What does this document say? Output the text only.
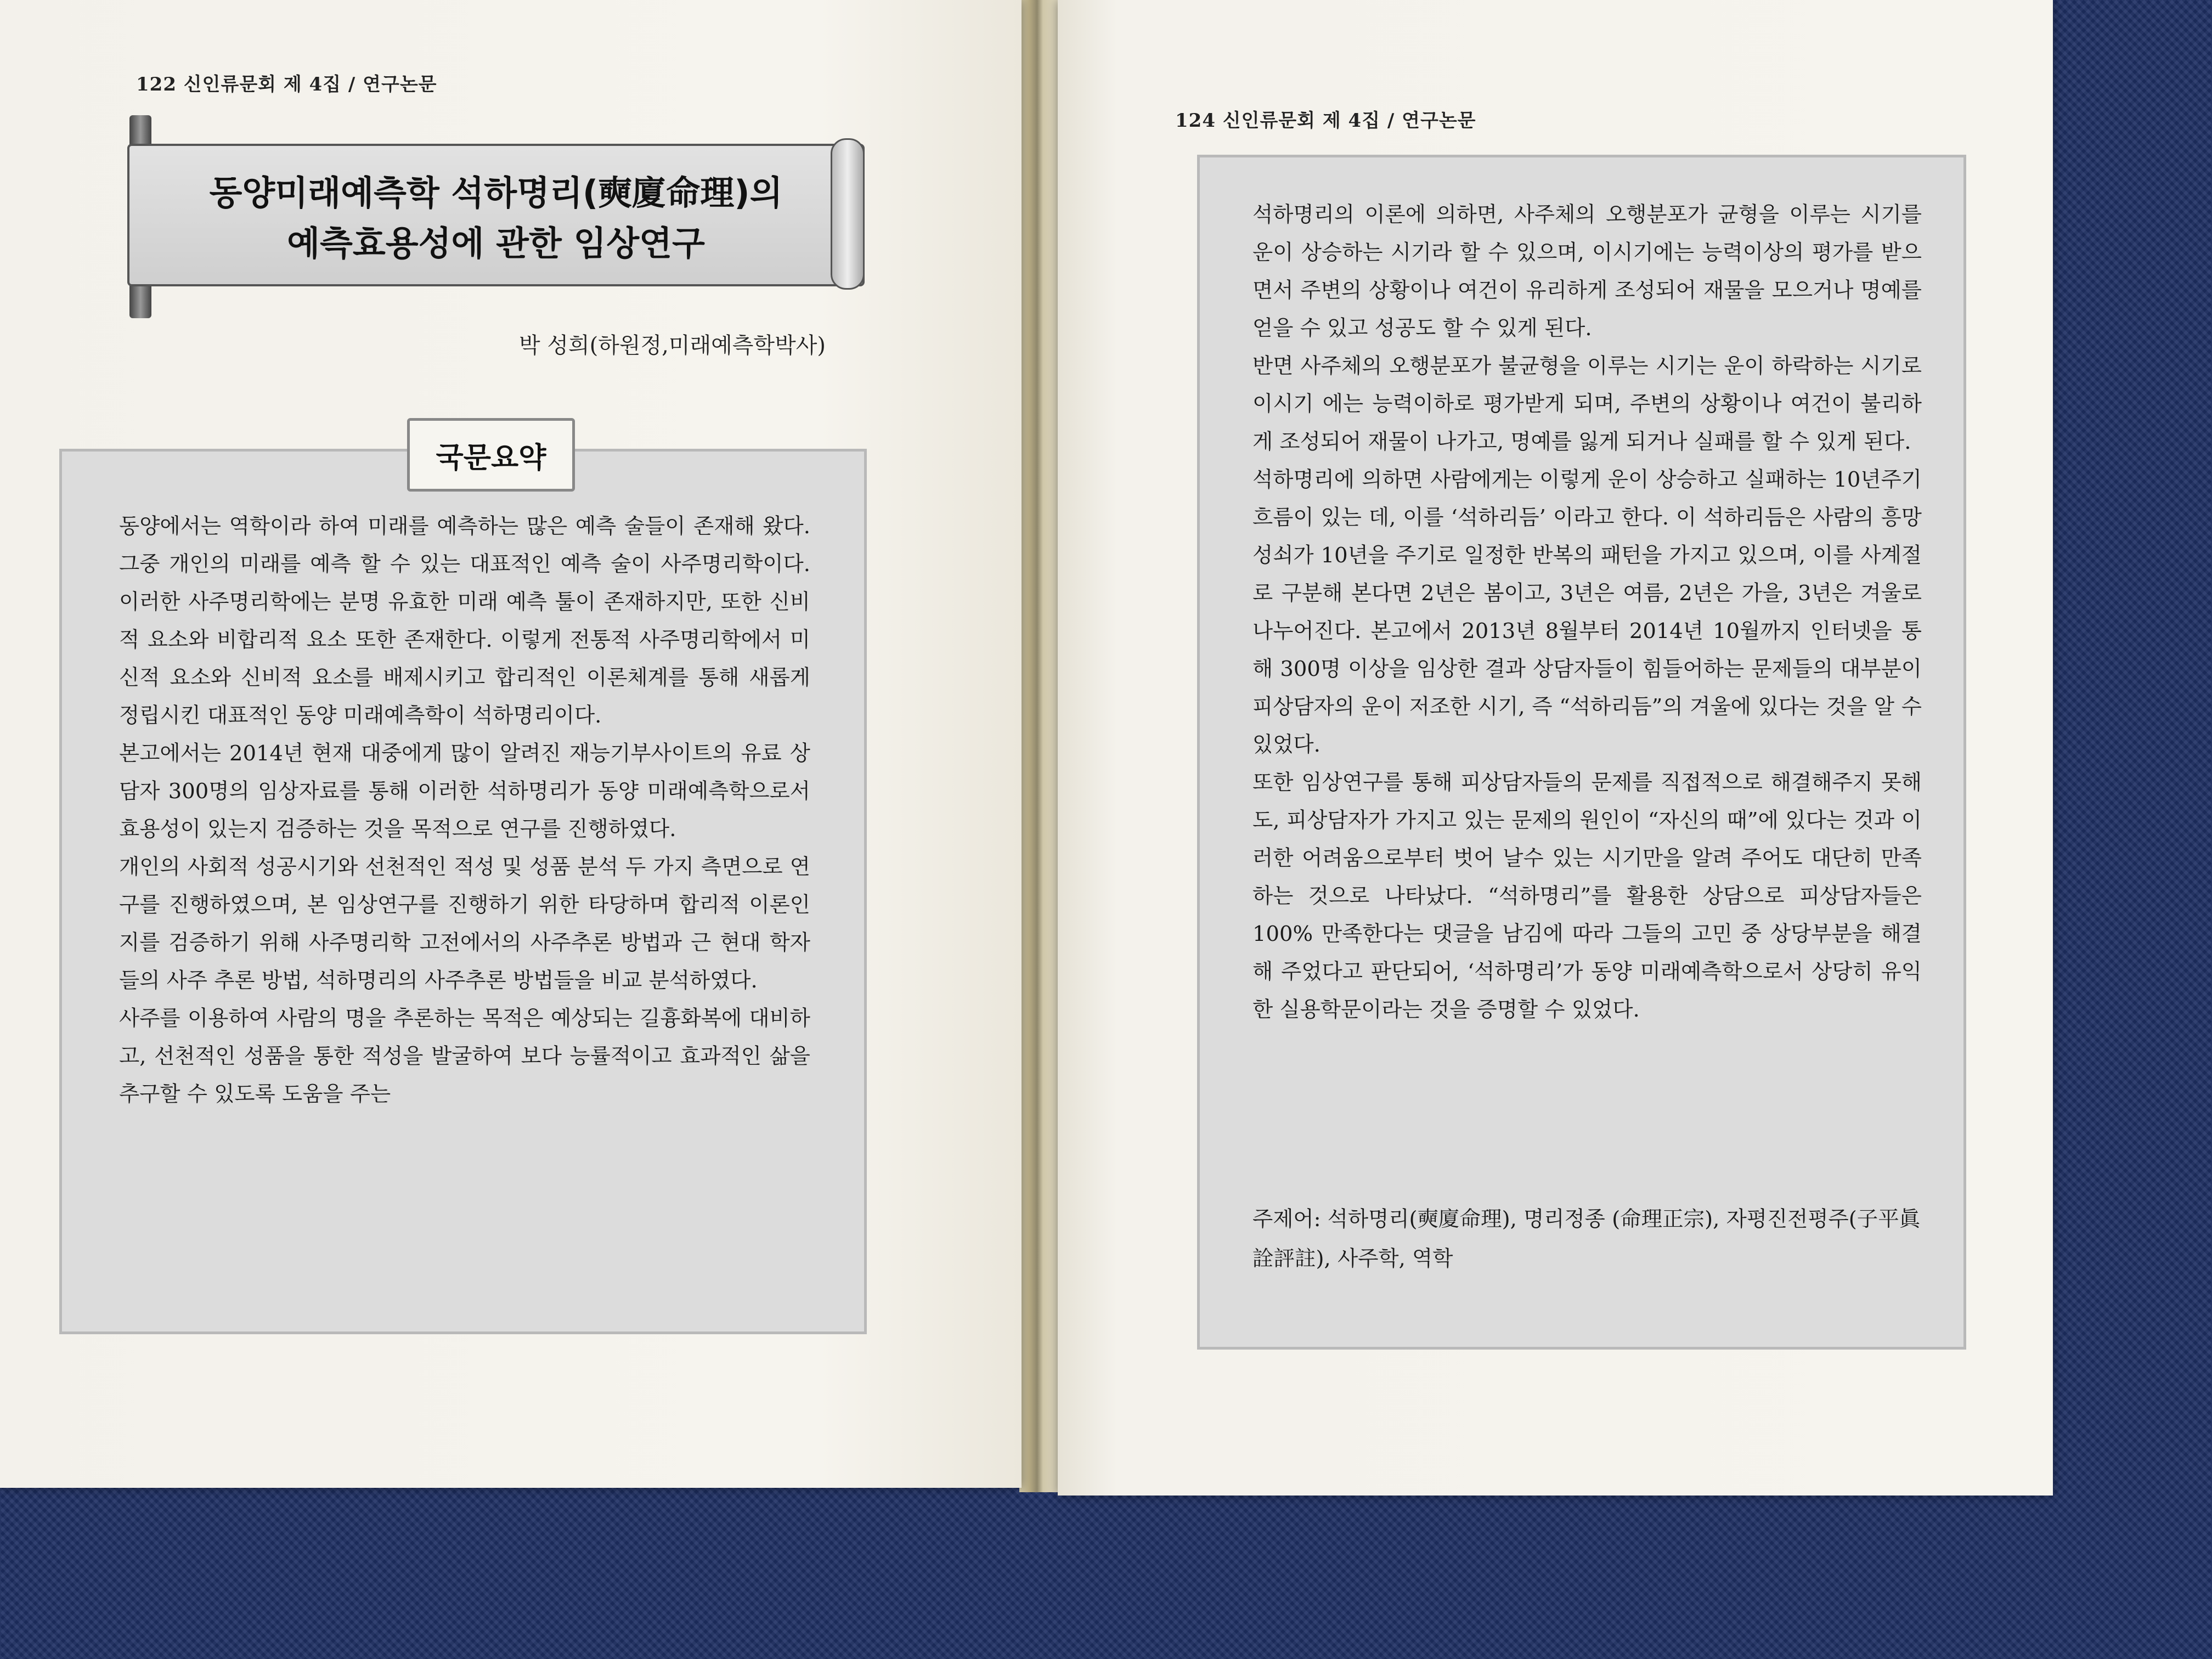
122 신인류문회 제 4집 / 연구논문
동양미래예측학 석하명리(奭廈命理)의
예측효용성에 관한 임상연구
박 성희(하원정,미래예측학박사)

동양에서는 역학이라 하여 미래를 예측하는 많은 예측 술들이 존재해 왔다. 그중 개인의 미래를 예측 할 수 있는 대표적인 예측 술이 사주명리학이다. 이러한 사주명리학에는 분명 유효한 미래 예측 툴이 존재하지만, 또한 신비적 요소와 비합리적 요소 또한 존재한다. 이렇게 전통적 사주명리학에서 미신적 요소와 신비적 요소를 배제시키고 합리적인 이론체계를 통해 새롭게 정립시킨 대표적인 동양 미래예측학이 석하명리이다.

본고에서는 2014년 현재 대중에게 많이 알려진 재능기부사이트의 유료 상담자 300명의 임상자료를 통해 이러한 석하명리가 동양 미래예측학으로서 효용성이 있는지 검증하는 것을 목적으로 연구를 진행하였다.

개인의 사회적 성공시기와 선천적인 적성 및 성품 분석 두 가지 측면으로 연구를 진행하였으며, 본 임상연구를 진행하기 위한 타당하며 합리적 이론인지를 검증하기 위해 사주명리학 고전에서의 사주추론 방법과 근 현대 학자들의 사주 추론 방법, 석하명리의 사주추론 방법들을 비교 분석하였다.

사주를 이용하여 사람의 명을 추론하는 목적은 예상되는 길흉화복에 대비하고, 선천적인 성품을 통한 적성을 발굴하여 보다 능률적이고 효과적인 삶을 추구할 수 있도록 도움을 주는

국문요약
124 신인류문회 제 4집 / 연구논문

석하명리의 이론에 의하면, 사주체의 오행분포가 균형을 이루는 시기를 운이 상승하는 시기라 할 수 있으며, 이시기에는 능력이상의 평가를 받으면서 주변의 상황이나 여건이 유리하게 조성되어 재물을 모으거나 명예를 얻을 수 있고 성공도 할 수 있게 된다.

반면 사주체의 오행분포가 불균형을 이루는 시기는 운이 하락하는 시기로 이시기 에는 능력이하로 평가받게 되며, 주변의 상황이나 여건이 불리하게 조성되어 재물이 나가고, 명예를 잃게 되거나 실패를 할 수 있게 된다.

석하명리에 의하면 사람에게는 이렇게 운이 상승하고 실패하는 10년주기 흐름이 있는 데, 이를 ‘석하리듬’ 이라고 한다. 이 석하리듬은 사람의 흥망성쇠가 10년을 주기로 일정한 반복의 패턴을 가지고 있으며, 이를 사계절로 구분해 본다면 2년은 봄이고, 3년은 여름, 2년은 가을, 3년은 겨울로 나누어진다. 본고에서 2013년 8월부터 2014년 10월까지 인터넷을 통해 300명 이상을 임상한 결과 상담자들이 힘들어하는 문제들의 대부분이 피상담자의 운이 저조한 시기, 즉 “석하리듬”의 겨울에 있다는 것을 알 수 있었다.

또한 임상연구를 통해 피상담자들의 문제를 직접적으로 해결해주지 못해도, 피상담자가 가지고 있는 문제의 원인이 “자신의 때”에 있다는 것과 이러한 어려움으로부터 벗어 날수 있는 시기만을 알려 주어도 대단히 만족하는 것으로 나타났다. “석하명리”를 활용한 상담으로 피상담자들은 100% 만족한다는 댓글을 남김에 따라 그들의 고민 중 상당부분을 해결해 주었다고 판단되어, ‘석하명리’가 동양 미래예측학으로서 상당히 유익한 실용학문이라는 것을 증명할 수 있었다.

주제어: 석하명리(奭廈命理), 명리정종 (命理正宗), 자평진전평주(子平眞詮評註), 사주학, 역학
